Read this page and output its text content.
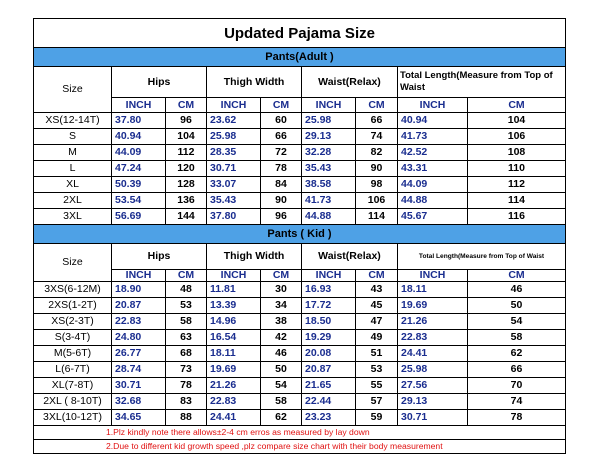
Updated Pajama Size								
Pants(Adult )								
Size	Hips		Thigh Width		Waist(Relax)		Total Length(Measure from Top of Waist	
	INCH	CM	INCH	CM	INCH	CM	INCH	CM
XS(12-14T)	37.80	96	23.62	60	25.98	66	40.94	104
S	40.94	104	25.98	66	29.13	74	41.73	106
M	44.09	112	28.35	72	32.28	82	42.52	108
L	47.24	120	30.71	78	35.43	90	43.31	110
XL	50.39	128	33.07	84	38.58	98	44.09	112
2XL	53.54	136	35.43	90	41.73	106	44.88	114
3XL	56.69	144	37.80	96	44.88	114	45.67	116
Pants ( Kid )								
Size	Hips		Thigh Width		Waist(Relax)		Total Length(Measure from Top of Waist	
	INCH	CM	INCH	CM	INCH	CM	INCH	CM
3XS(6-12M)	18.90	48	11.81	30	16.93	43	18.11	46
2XS(1-2T)	20.87	53	13.39	34	17.72	45	19.69	50
XS(2-3T)	22.83	58	14.96	38	18.50	47	21.26	54
S(3-4T)	24.80	63	16.54	42	19.29	49	22.83	58
M(5-6T)	26.77	68	18.11	46	20.08	51	24.41	62
L(6-7T)	28.74	73	19.69	50	20.87	53	25.98	66
XL(7-8T)	30.71	78	21.26	54	21.65	55	27.56	70
2XL ( 8-10T)	32.68	83	22.83	58	22.44	57	29.13	74
3XL(10-12T)	34.65	88	24.41	62	23.23	59	30.71	78
1.Plz kindly note there allows±2-4 cm erros as measured by lay down								
2.Due to different kid growth speed ,plz compare size chart with their body measurement								
